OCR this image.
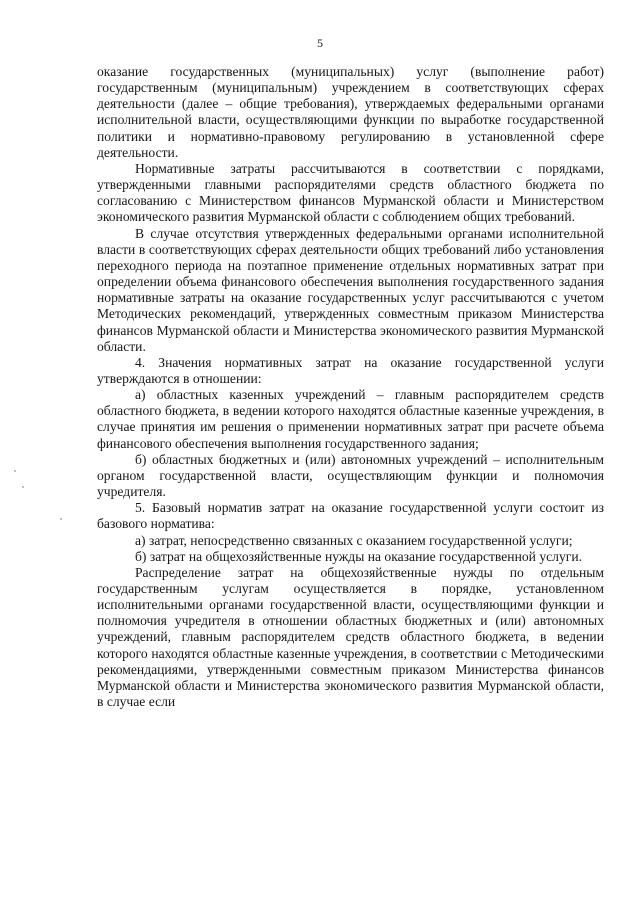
5

оказание государственных (муниципальных) услуг (выполнение работ) государственным (муниципальным) учреждением в соответствующих сферах деятельности (далее – общие требования), утверждаемых федеральными органами исполнительной власти, осуществляющими функции по выработке государственной политики и нормативно-правовому регулированию в установленной сфере деятельности.

Нормативные затраты рассчитываются в соответствии с порядками, утвержденными главными распорядителями средств областного бюджета по согласованию с Министерством финансов Мурманской области и Министерством экономического развития Мурманской области с соблюдением общих требований.

В случае отсутствия утвержденных федеральными органами исполнительной власти в соответствующих сферах деятельности общих требований либо установления переходного периода на поэтапное применение отдельных нормативных затрат при определении объема финансового обеспечения выполнения государственного задания нормативные затраты на оказание государственных услуг рассчитываются с учетом Методических рекомендаций, утвержденных совместным приказом Министерства финансов Мурманской области и Министерства экономического развития Мурманской области.

4. Значения нормативных затрат на оказание государственной услуги утверждаются в отношении:

а) областных казенных учреждений – главным распорядителем средств областного бюджета, в ведении которого находятся областные казенные учреждения, в случае принятия им решения о применении нормативных затрат при расчете объема финансового обеспечения выполнения государственного задания;

б) областных бюджетных и (или) автономных учреждений – исполнительным органом государственной власти, осуществляющим функции и полномочия учредителя.

5. Базовый норматив затрат на оказание государственной услуги состоит из базового норматива:

а) затрат, непосредственно связанных с оказанием государственной услуги;

б) затрат на общехозяйственные нужды на оказание государственной услуги.

Распределение затрат на общехозяйственные нужды по отдельным государственным услугам осуществляется в порядке, установленном исполнительными органами государственной власти, осуществляющими функции и полномочия учредителя в отношении областных бюджетных и (или) автономных учреждений, главным распорядителем средств областного бюджета, в ведении которого находятся областные казенные учреждения, в соответствии с Методическими рекомендациями, утвержденными совместным приказом Министерства финансов Мурманской области и Министерства экономического развития Мурманской области, в случае если
